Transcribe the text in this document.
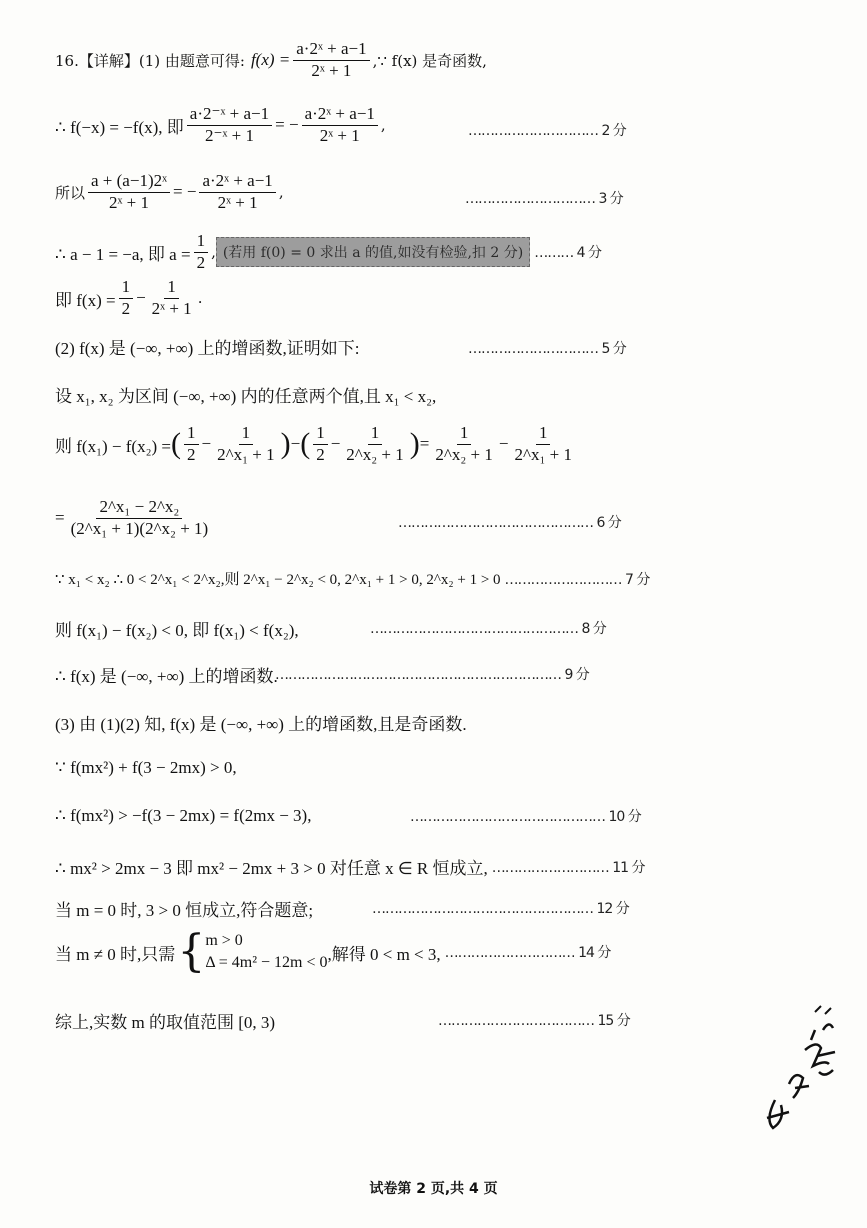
16.【详解】(1) 由题意可得: $f(x) = \frac{\text{a·2ˣ + a−1}}{\text{2ˣ + 1}}$ ,∵ f(x) 是奇函数,
∴ f(−x) = −f(x), 即 $\frac{\text{a·2⁻ˣ + a−1}}{\text{2⁻ˣ + 1}}$ = − $\frac{\text{a·2ˣ + a−1}}{\text{2ˣ + 1}}$ ,	………………………… 2 分
所以 $\frac{\text{a + (a−1)2ˣ}}{\text{2ˣ + 1}}$ = − $\frac{\text{a·2ˣ + a−1}}{\text{2ˣ + 1}}$ ,	………………………… 3 分
∴ a − 1 = −a, 即 $a = \frac{1}{2}$ , (若用 f(0) = 0 求出 a 的值,如没有检验,扣 2 分) ……… 4 分
即 $f(x) = \frac{1}{2} - \frac{1}{\text{2ˣ + 1}}$ .
(2) f(x) 是 (−∞, +∞) 上的增函数,证明如下:	………………………… 5 分
设 x₁, x₂ 为区间 (−∞, +∞) 内的任意两个值,且 x₁ < x₂,
则 f(x₁) − f(x₂) = ( $\frac{1}{2} - \frac{1}{\text{2\textasciicircum{}x₁ + 1}}$ ) − ( $\frac{1}{2} - \frac{1}{\text{2\textasciicircum{}x₂ + 1}}$ ) = $\frac{1}{\text{2\textasciicircum{}x₂ + 1}} - \frac{1}{\text{2\textasciicircum{}x₁ + 1}}$
= $\frac{\text{2\textasciicircum{}x₁ − 2\textasciicircum{}x₂}}{\text{(2\textasciicircum{}x₁ + 1)(2\textasciicircum{}x₂ + 1)}}$	……………………………………… 6 分
∵ x₁ < x₂ ∴ 0 < 2^x₁ < 2^x₂,则 2^x₁ − 2^x₂ < 0, 2^x₁ + 1 > 0, 2^x₂ + 1 > 0 ……………………… 7 分
则 f(x₁) − f(x₂) < 0, 即 f(x₁) < f(x₂),	………………………………………… 8 分
∴ f(x) 是 (−∞, +∞) 上的增函数.
………………………………………………………… 9 分
(3) 由 (1)(2) 知, f(x) 是 (−∞, +∞) 上的增函数,且是奇函数.
∵ f(mx²) + f(3 − 2mx) > 0,
∴ f(mx²) > −f(3 − 2mx) = f(2mx − 3),	……………………………………… 10 分
∴ mx² > 2mx − 3 即 mx² − 2mx + 3 > 0 对任意 x ∈ R 恒成立, ……………………… 11 分
当 m = 0 时, 3 > 0 恒成立,符合题意;	…………………………………………… 12 分
当 m ≠ 0 时,只需 { m > 0
Δ = 4m² − 12m < 0 ,解得 0 < m < 3, ………………………… 14 分
综上,实数 m 的取值范围 [0, 3)	……………………………… 15 分
试卷第 2 页,共 4 页
